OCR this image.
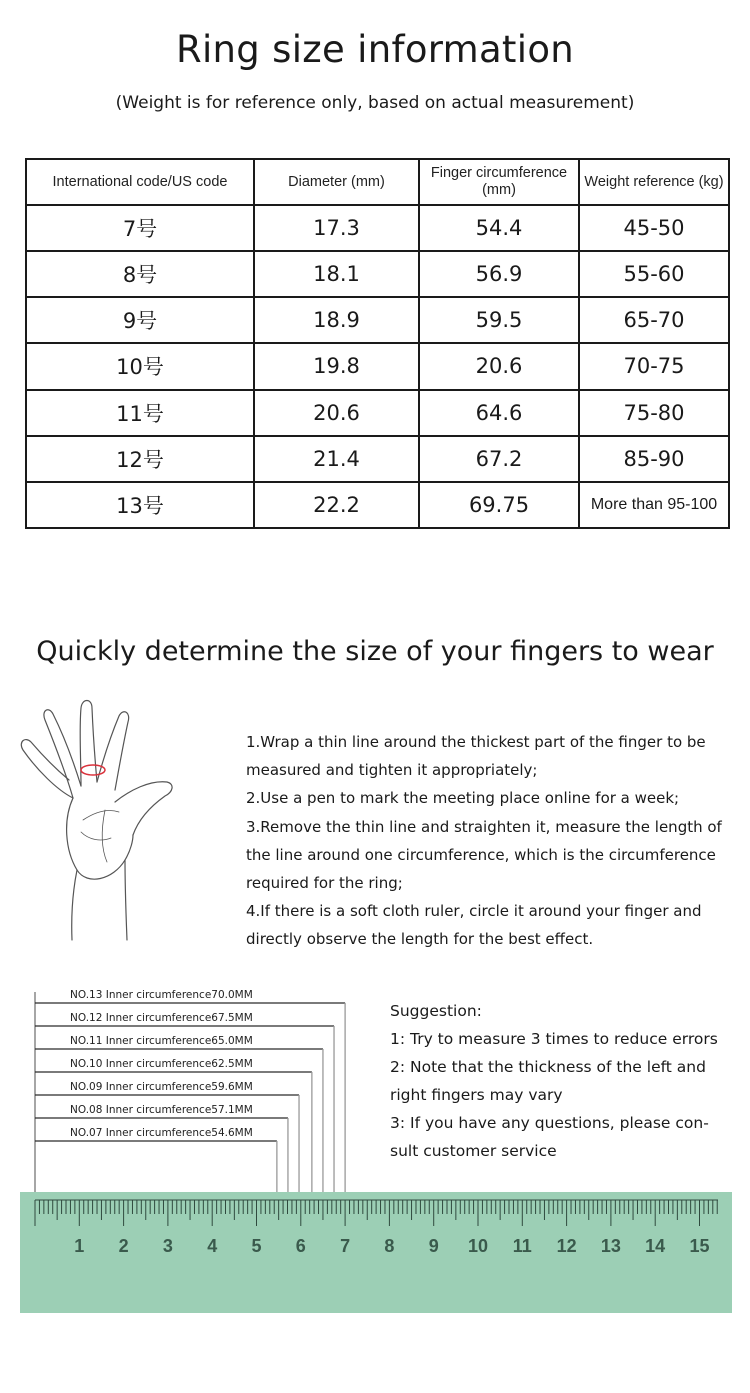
Ring size information
(Weight is for reference only, based on actual measurement)
International code/US code	Diameter (mm)	Finger circumference (mm)	Weight reference (kg)
7号	17.3	54.4	45-50
8号	18.1	56.9	55-60
9号	18.9	59.5	65-70
10号	19.8	20.6	70-75
11号	20.6	64.6	75-80
12号	21.4	67.2	85-90
13号	22.2	69.75	More than 95-100
Quickly determine the size of your fingers to wear

1.Wrap a thin line around the thickest part of the finger to be measured and tighten it appropriately;

2.Use a pen to mark the meeting place online for a week;

3.Remove the thin line and straighten it, measure the length of the line around one circumference, which is the circumference required for the ring;

4.If there is a soft cloth ruler, circle it around your finger and directly observe the length for the best effect.

1 2 3 4 5 6 7 8 9 10 11 12 13 14 15
NO.13 Inner circumference70.0MM
NO.12 Inner circumference67.5MM
NO.11 Inner circumference65.0MM
NO.10 Inner circumference62.5MM
NO.09 Inner circumference59.6MM
NO.08 Inner circumference57.1MM
NO.07 Inner circumference54.6MM

Suggestion:

1: Try to measure 3 times to reduce errors

2: Note that the thickness of the left and

right fingers may vary

3: If you have any questions, please con-

sult customer service
